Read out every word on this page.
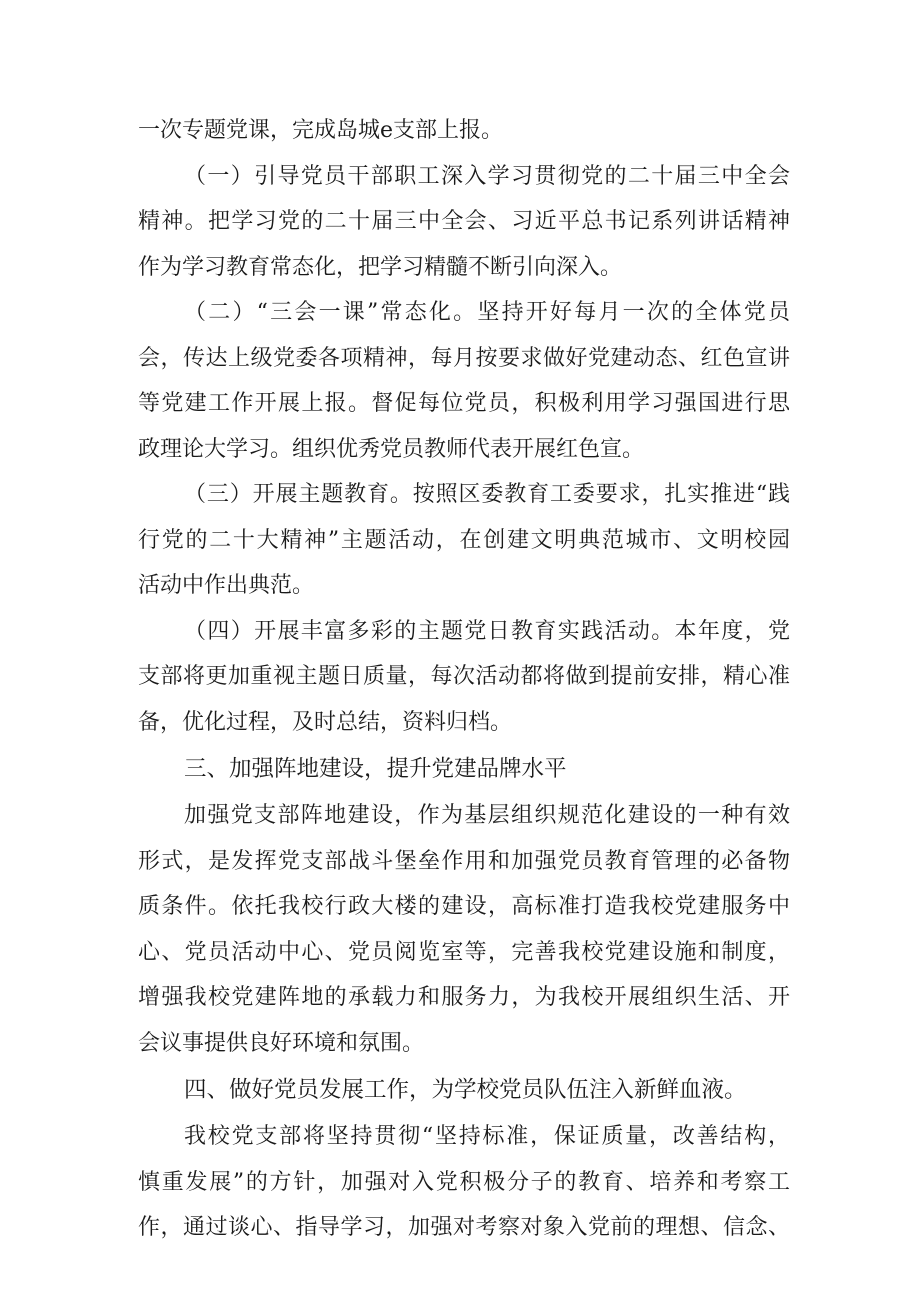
一次专题党课，完成岛城e支部上报。
（一）引导党员干部职工深入学习贯彻党的二十届三中全会
精神。把学习党的二十届三中全会、习近平总书记系列讲话精神
作为学习教育常态化，把学习精髓不断引向深入。
（二）“三会一课”常态化。坚持开好每月一次的全体党员
会，传达上级党委各项精神，每月按要求做好党建动态、红色宣讲
等党建工作开展上报。督促每位党员，积极利用学习强国进行思
政理论大学习。组织优秀党员教师代表开展红色宣。
（三）开展主题教育。按照区委教育工委要求，扎实推进“践
行党的二十大精神”主题活动，在创建文明典范城市、文明校园
活动中作出典范。
（四）开展丰富多彩的主题党日教育实践活动。本年度，党
支部将更加重视主题日质量，每次活动都将做到提前安排，精心准
备，优化过程，及时总结，资料归档。
三、加强阵地建设，提升党建品牌水平
加强党支部阵地建设，作为基层组织规范化建设的一种有效
形式，是发挥党支部战斗堡垒作用和加强党员教育管理的必备物
质条件。依托我校行政大楼的建设，高标准打造我校党建服务中
心、党员活动中心、党员阅览室等，完善我校党建设施和制度，
增强我校党建阵地的承载力和服务力，为我校开展组织生活、开
会议事提供良好环境和氛围。
四、做好党员发展工作，为学校党员队伍注入新鲜血液。
我校党支部将坚持贯彻“坚持标准，保证质量，改善结构，
慎重发展”的方针，加强对入党积极分子的教育、培养和考察工
作，通过谈心、指导学习，加强对考察对象入党前的理想、信念、
